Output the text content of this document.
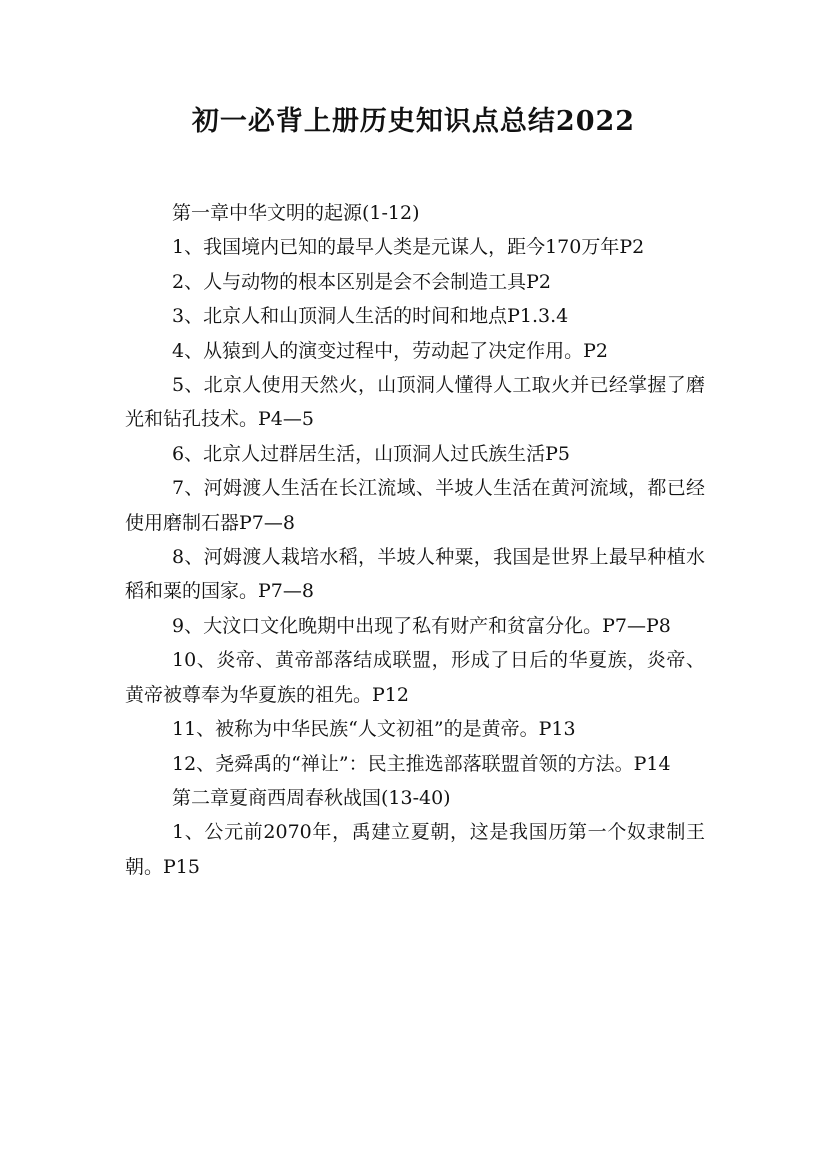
初一必背上册历史知识点总结2022

第一章中华文明的起源(1-12)

1、我国境内已知的最早人类是元谋人，距今170万年P2

2、人与动物的根本区别是会不会制造工具P2

3、北京人和山顶洞人生活的时间和地点P1.3.4

4、从猿到人的演变过程中，劳动起了决定作用。P2

5、北京人使用天然火，山顶洞人懂得人工取火并已经掌握了磨光和钻孔技术。P4—5

6、北京人过群居生活，山顶洞人过氏族生活P5

7、河姆渡人生活在长江流域、半坡人生活在黄河流域，都已经使用磨制石器P7—8

8、河姆渡人栽培水稻，半坡人种粟，我国是世界上最早种植水稻和粟的国家。P7—8

9、大汶口文化晚期中出现了私有财产和贫富分化。P7—P8

10、炎帝、黄帝部落结成联盟，形成了日后的华夏族，炎帝、黄帝被尊奉为华夏族的祖先。P12

11、被称为中华民族“人文初祖”的是黄帝。P13

12、尧舜禹的“禅让”：民主推选部落联盟首领的方法。P14

第二章夏商西周春秋战国(13-40)

1、公元前2070年，禹建立夏朝，这是我国历第一个奴隶制王朝。P15
